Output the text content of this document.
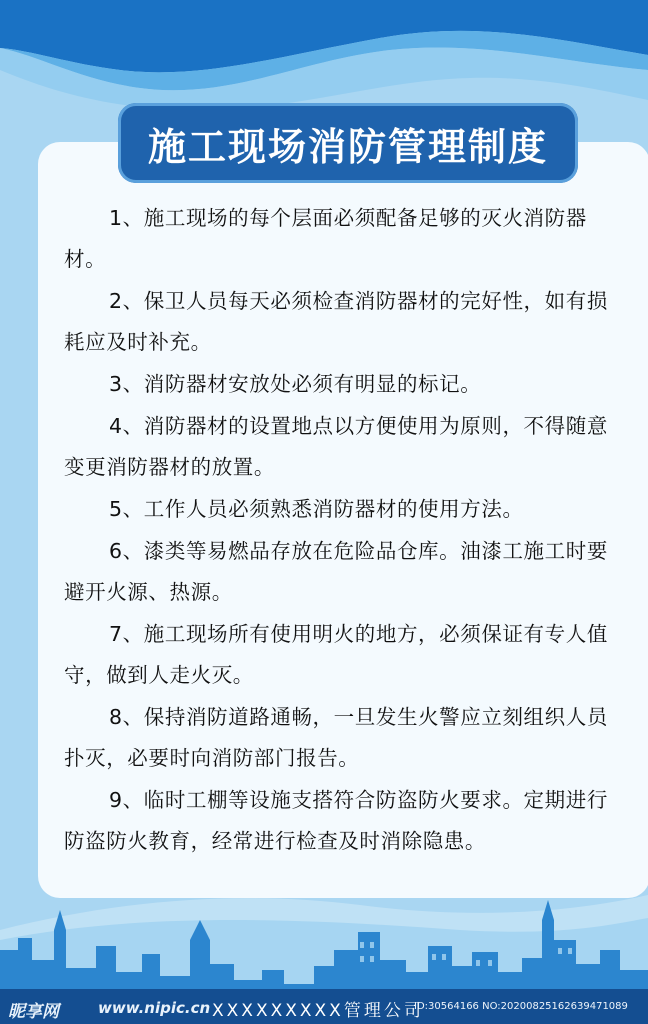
施工现场消防管理制度

1、施工现场的每个层面必须配备足够的灭火消防器材。

2、保卫人员每天必须检查消防器材的完好性，如有损耗应及时补充。

3、消防器材安放处必须有明显的标记。

4、消防器材的设置地点以方便使用为原则，不得随意变更消防器材的放置。

5、工作人员必须熟悉消防器材的使用方法。

6、漆类等易燃品存放在危险品仓库。油漆工施工时要避开火源、热源。

7、施工现场所有使用明火的地方，必须保证有专人值守，做到人走火灭。

8、保持消防道路通畅，一旦发生火警应立刻组织人员扑灭，必要时向消防部门报告。

9、临时工棚等设施支搭符合防盗防火要求。定期进行防盗防火教育，经常进行检查及时消除隐患。

昵享网	www.nipic.cn XXXXXXXXX管理公司
ID:30564166 NO:20200825162639471089
